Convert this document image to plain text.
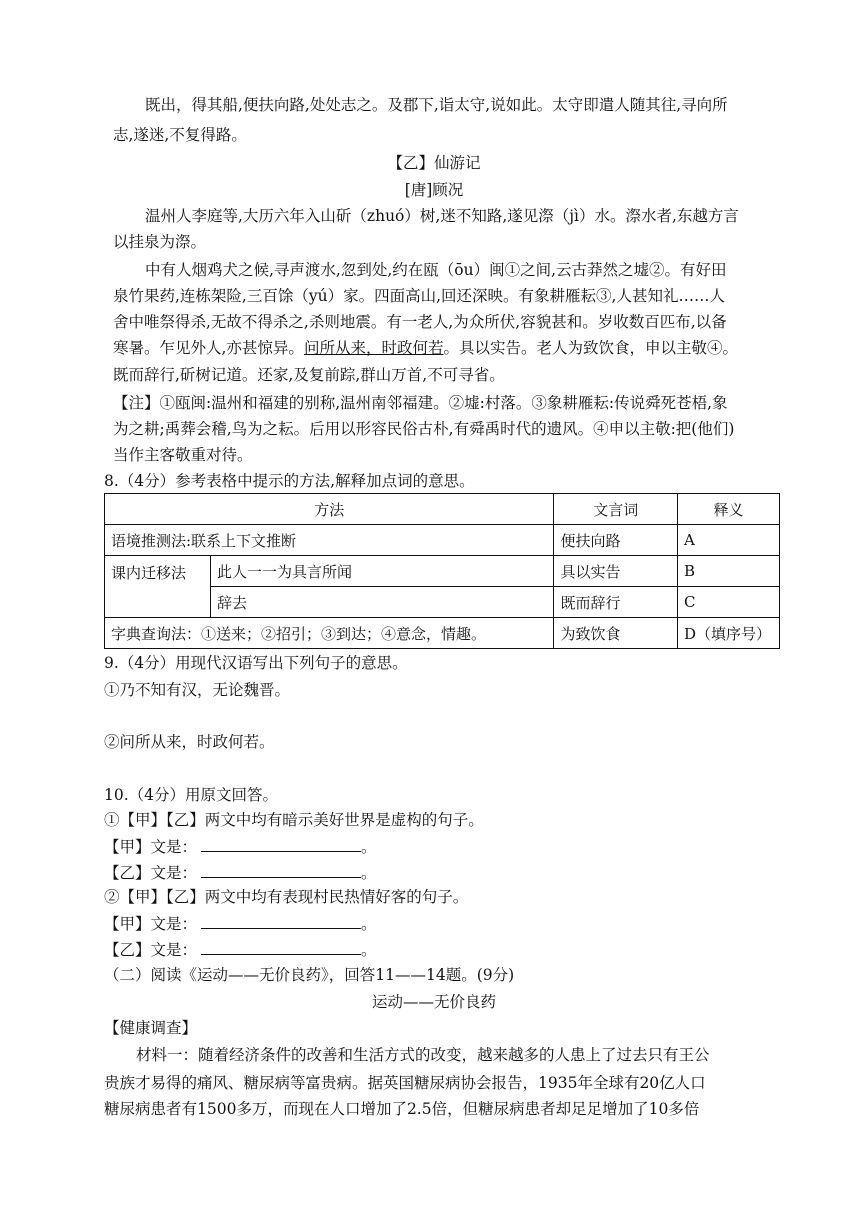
既出，得其船,便扶向路,处处志之。及郡下,诣太守,说如此。太守即遣人随其往,寻向所
志,遂迷,不复得路。
【乙】仙游记
[唐]顾况
温州人李庭等,大历六年入山斫（zhuó）树,迷不知路,遂见漈（jì）水。漈水者,东越方言
以挂泉为漈。
中有人烟鸡犬之候,寻声渡水,忽到处,约在瓯（ōu）闽①之间,云古莽然之墟②。有好田
泉竹果药,连栋架险,三百馀（yú）家。四面高山,回还深映。有象耕雁耘③,人甚知礼……人
舍中唯祭得杀,无故不得杀之,杀则地震。有一老人,为众所伏,容貌甚和。岁收数百匹布,以备
寒暑。乍见外人,亦甚惊异。问所从来，时政何若。具以实告。老人为致饮食，申以主敬④。
既而辞行,斫树记道。还家,及复前踪,群山万首,不可寻省。
【注】①瓯闽:温州和福建的别称,温州南邻福建。②墟:村落。③象耕雁耘:传说舜死苍梧,象
为之耕;禹葬会稽,鸟为之耘。后用以形容民俗古朴,有舜禹时代的遗风。④申以主敬:把(他们)
当作主客敬重对待。
8.（4分）参考表格中提示的方法,解释加点词的意思。
方法		文言词	释义
语境推测法:联系上下文推断		便扶向路	A
课内迁移法	此人一一为具言所闻	具以实告	B
	辞去	既而辞行	C
字典查询法：①送来；②招引；③到达；④意念，情趣。		为致饮食	D（填序号）
9.（4分）用现代汉语写出下列句子的意思。
①乃不知有汉，无论魏晋。
②问所从来，时政何若。
10.（4分）用原文回答。
①【甲】【乙】两文中均有暗示美好世界是虚构的句子。
【甲】文是：	。
【乙】文是：	。
②【甲】【乙】两文中均有表现村民热情好客的句子。
【甲】文是：	。
【乙】文是：	。
（二）阅读《运动——无价良药》，回答11——14题。(9分)
运动——无价良药
【健康调查】
材料一：随着经济条件的改善和生活方式的改变，越来越多的人患上了过去只有王公
贵族才易得的痛风、糖尿病等富贵病。据英国糖尿病协会报告，1935年全球有20亿人口
糖尿病患者有1500多万，而现在人口增加了2.5倍，但糖尿病患者却足足增加了10多倍
